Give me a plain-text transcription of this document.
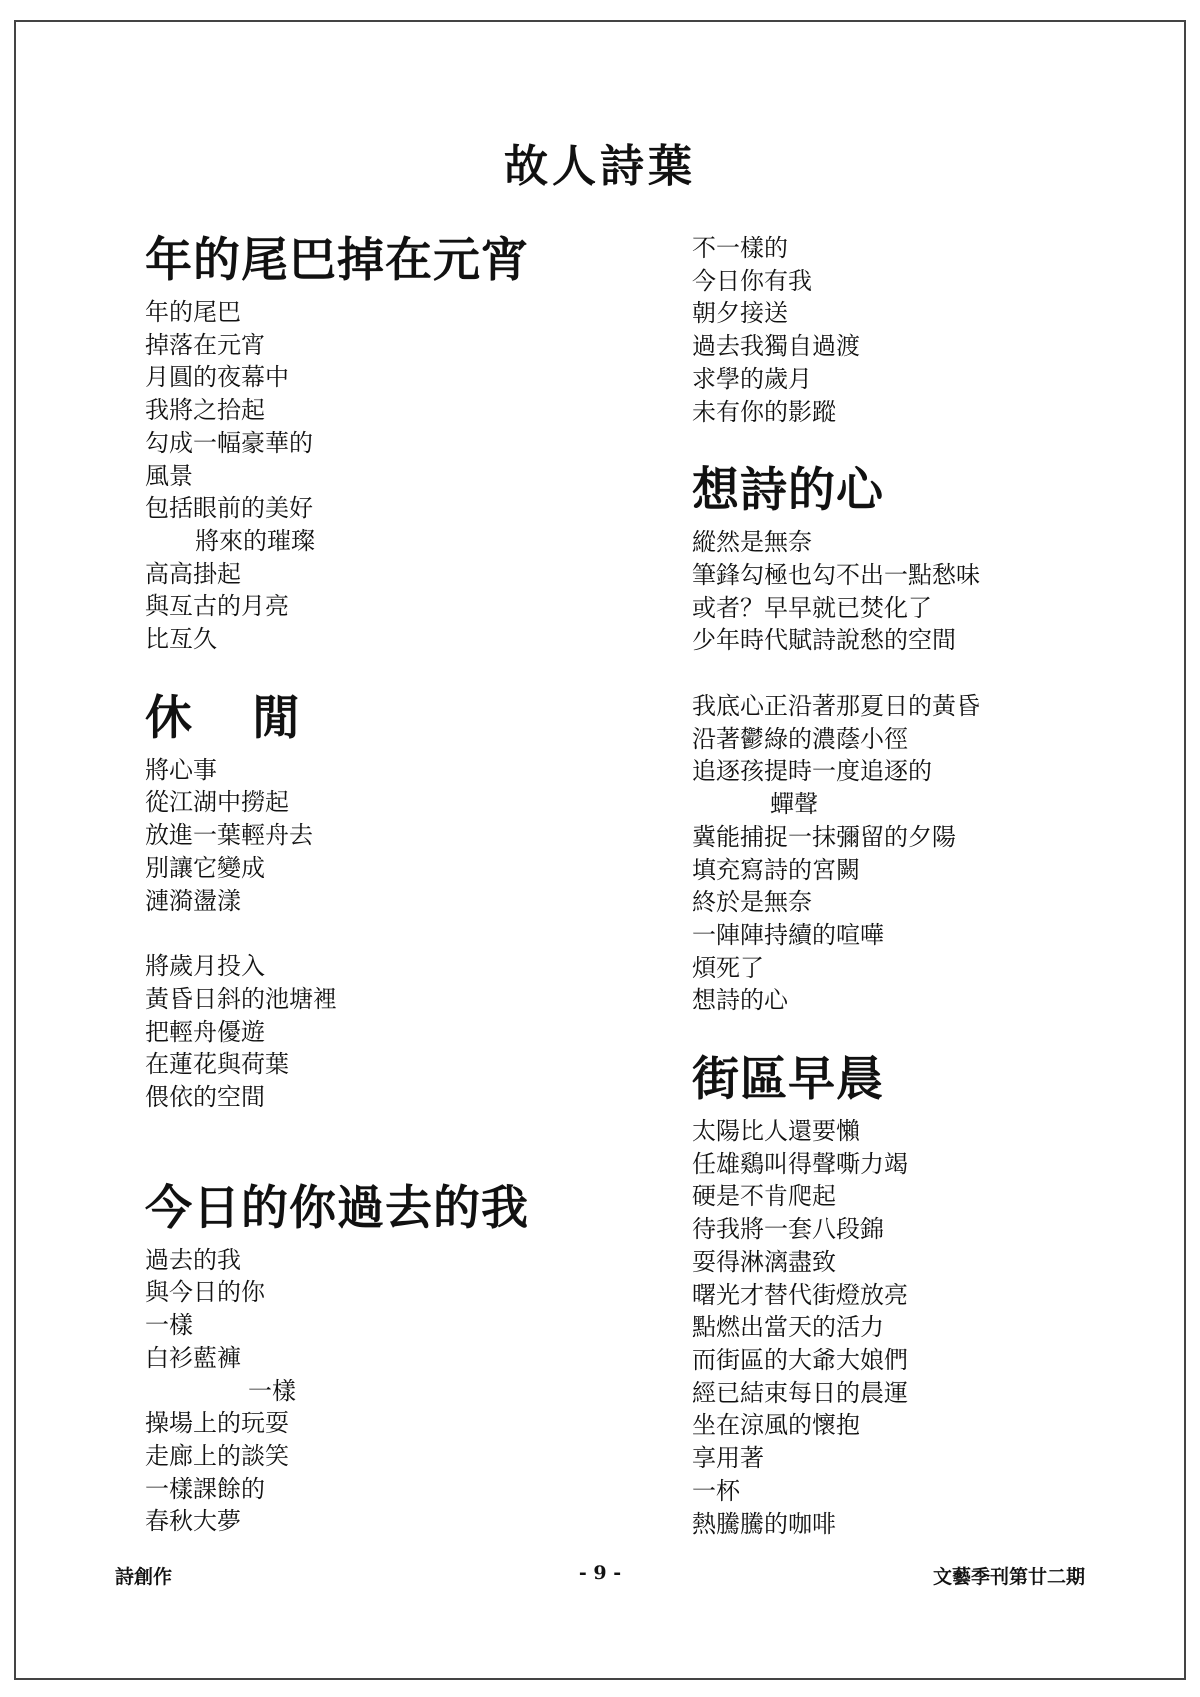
故人詩葉
年的尾巴掉在元宵
年的尾巴
掉落在元宵
月圓的夜幕中
我將之拾起
勾成一幅豪華的
風景
包括眼前的美好
將來的璀璨
高高掛起
與亙古的月亮
比亙久
休 閒
將心事
從江湖中撈起
放進一葉輕舟去
別讓它變成
漣漪盪漾
將歲月投入
黃昏日斜的池塘裡
把輕舟優遊
在蓮花與荷葉
偎依的空間
今日的你過去的我
過去的我
與今日的你
一樣
白衫藍褲
一樣
操場上的玩耍
走廊上的談笑
一樣課餘的
春秋大夢
不一樣的
今日你有我
朝夕接送
過去我獨自過渡
求學的歲月
未有你的影蹤
想詩的心
縱然是無奈
筆鋒勾極也勾不出一點愁味
或者？早早就已焚化了
少年時代賦詩說愁的空間
我底心正沿著那夏日的黃昏
沿著鬱綠的濃蔭小徑
追逐孩提時一度追逐的
蟬聲
冀能捕捉一抹彌留的夕陽
填充寫詩的宮闕
終於是無奈
一陣陣持續的喧嘩
煩死了
想詩的心
街區早晨
太陽比人還要懶
任雄鷄叫得聲嘶力竭
硬是不肯爬起
待我將一套八段錦
耍得淋漓盡致
曙光才替代街燈放亮
點燃出當天的活力
而街區的大爺大娘們
經已結束每日的晨運
坐在涼風的懷抱
享用著
一杯
熱騰騰的咖啡

詩創作	- 9 -	文藝季刊第廿二期
